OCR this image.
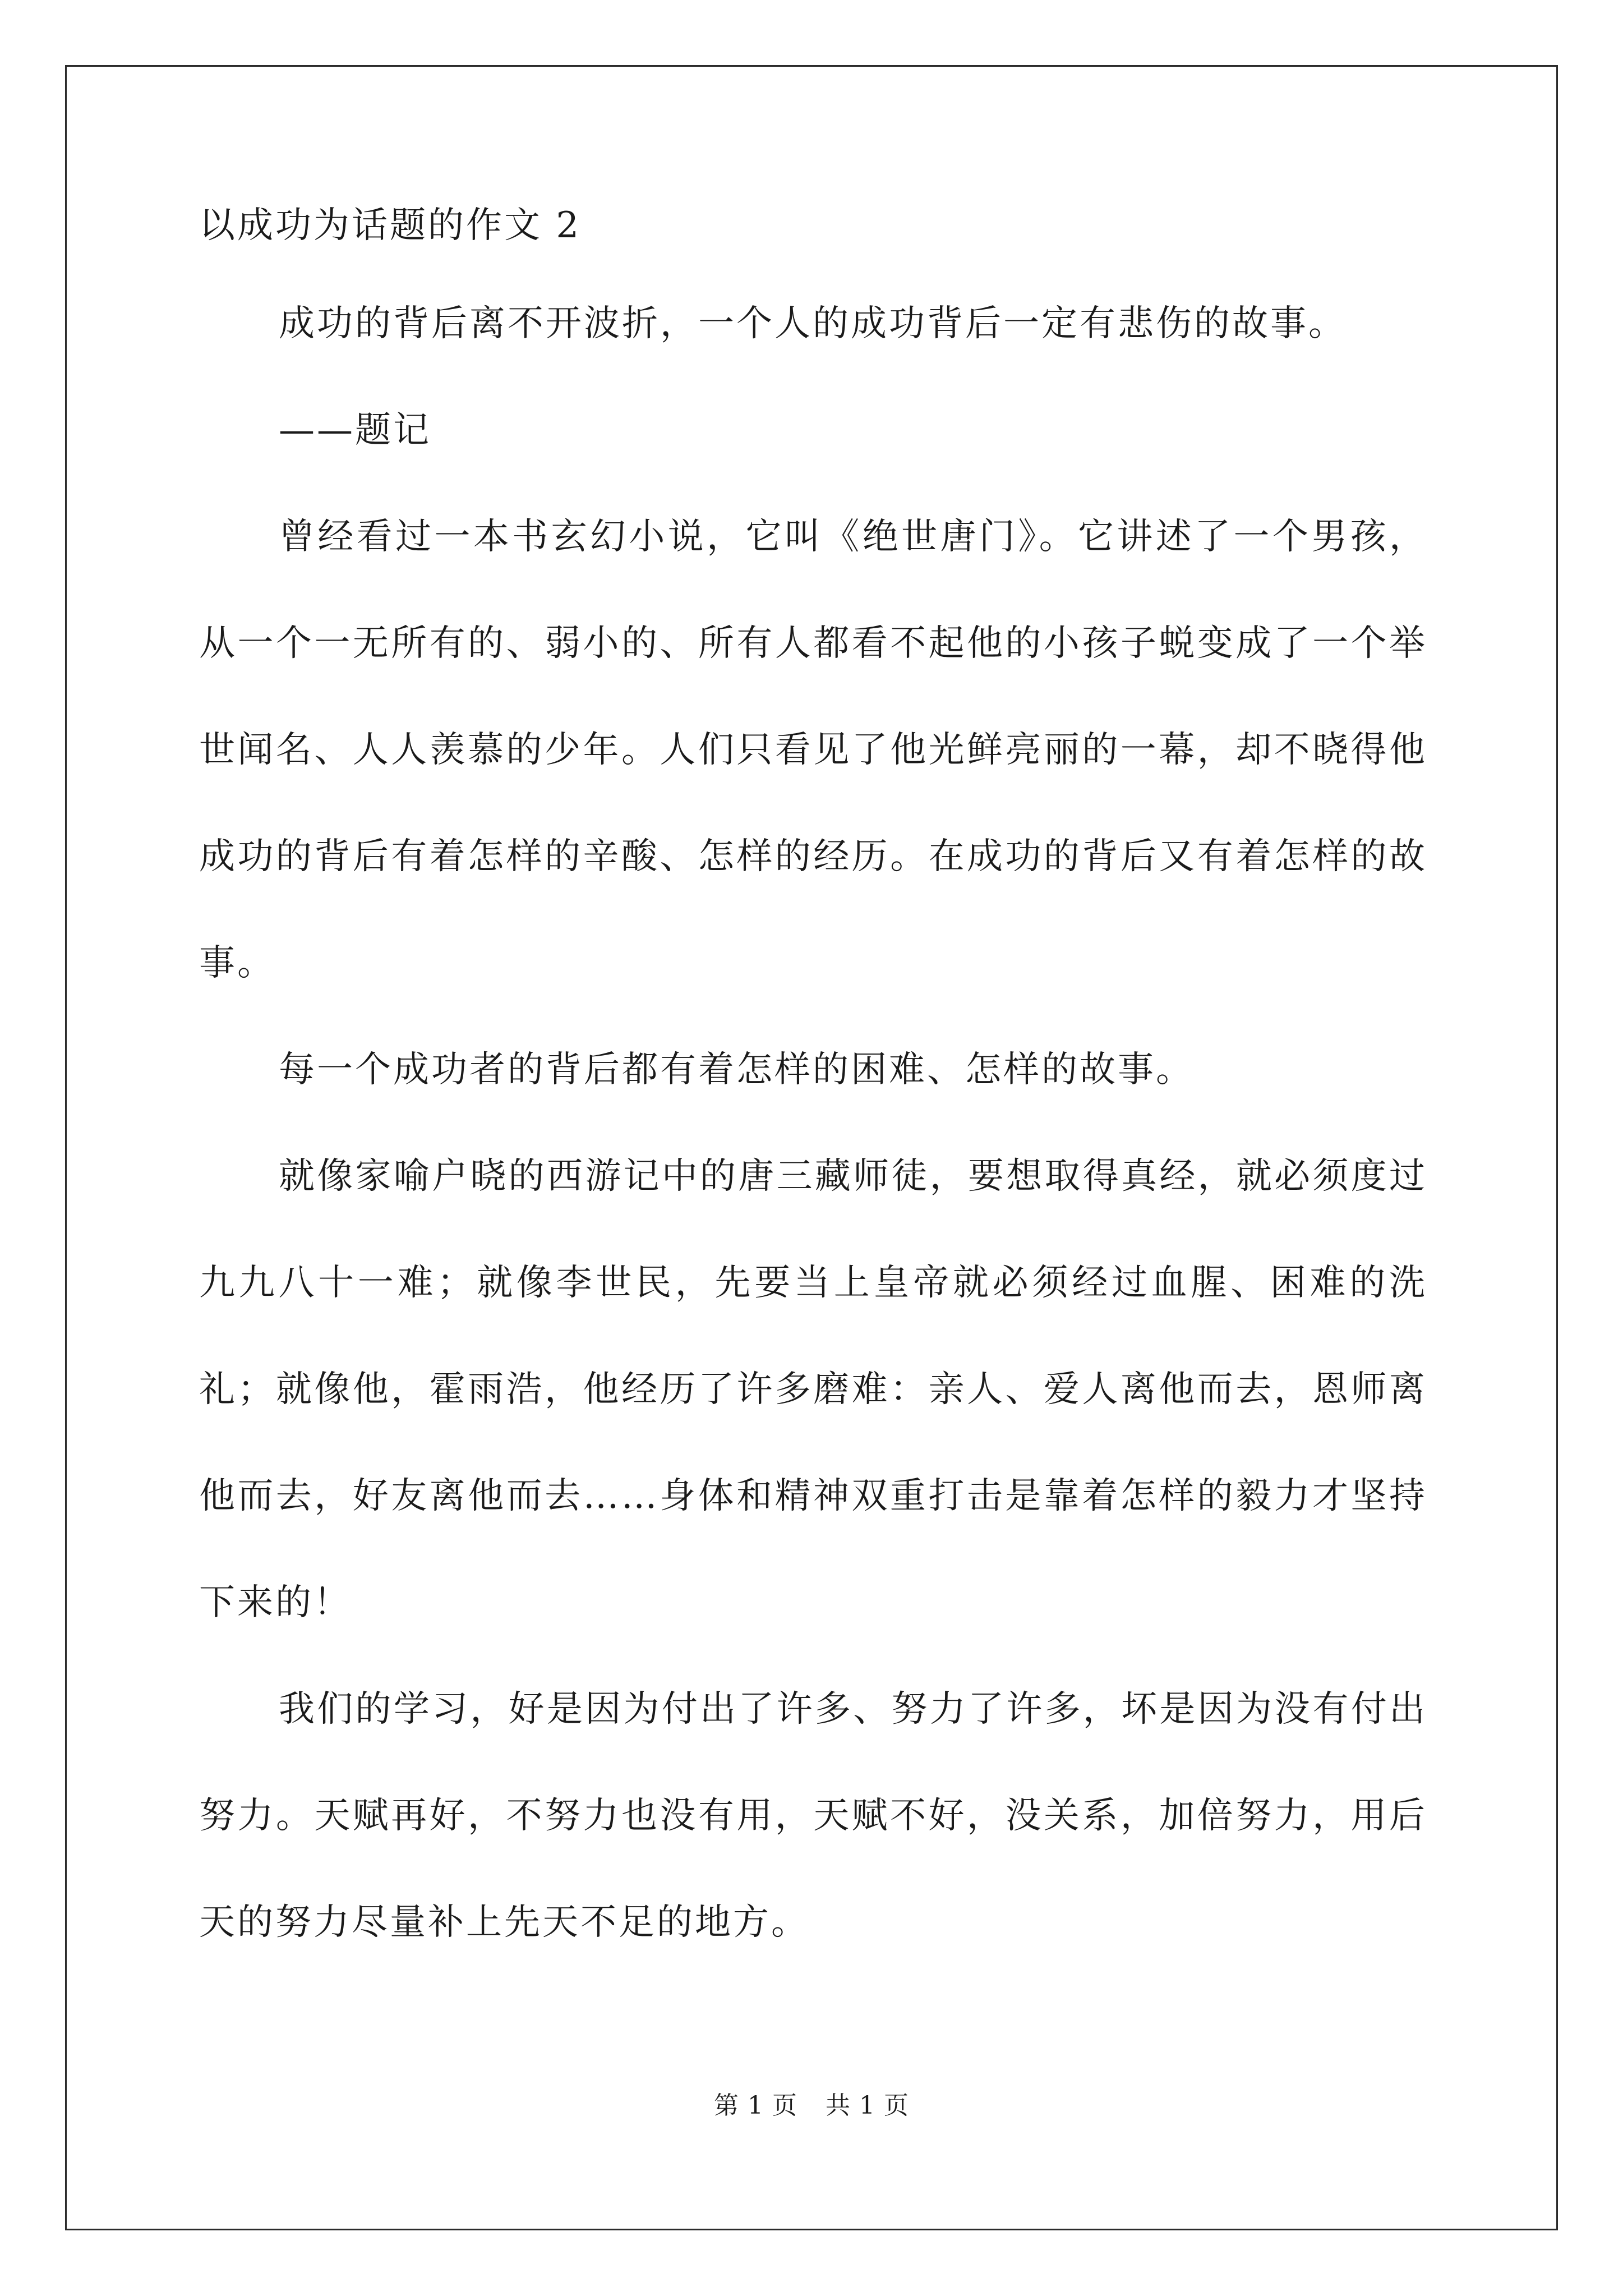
以成功为话题的作文 2

成功的背后离不开波折，一个人的成功背后一定有悲伤的故事。

——题记

曾经看过一本书玄幻小说，它叫《绝世唐门》。它讲述了一个男孩，从一个一无所有的、弱小的、所有人都看不起他的小孩子蜕变成了一个举世闻名、人人羡慕的少年。人们只看见了他光鲜亮丽的一幕，却不晓得他成功的背后有着怎样的辛酸、怎样的经历。在成功的背后又有着怎样的故事。

每一个成功者的背后都有着怎样的困难、怎样的故事。

就像家喻户晓的西游记中的唐三藏师徒，要想取得真经，就必须度过九九八十一难；就像李世民，先要当上皇帝就必须经过血腥、困难的洗礼；就像他，霍雨浩，他经历了许多磨难：亲人、爱人离他而去，恩师离他而去，好友离他而去……身体和精神双重打击是靠着怎样的毅力才坚持下来的！

我们的学习，好是因为付出了许多、努力了许多，坏是因为没有付出努力。天赋再好，不努力也没有用，天赋不好，没关系，加倍努力，用后天的努力尽量补上先天不足的地方。

第 1 页 共 1 页
